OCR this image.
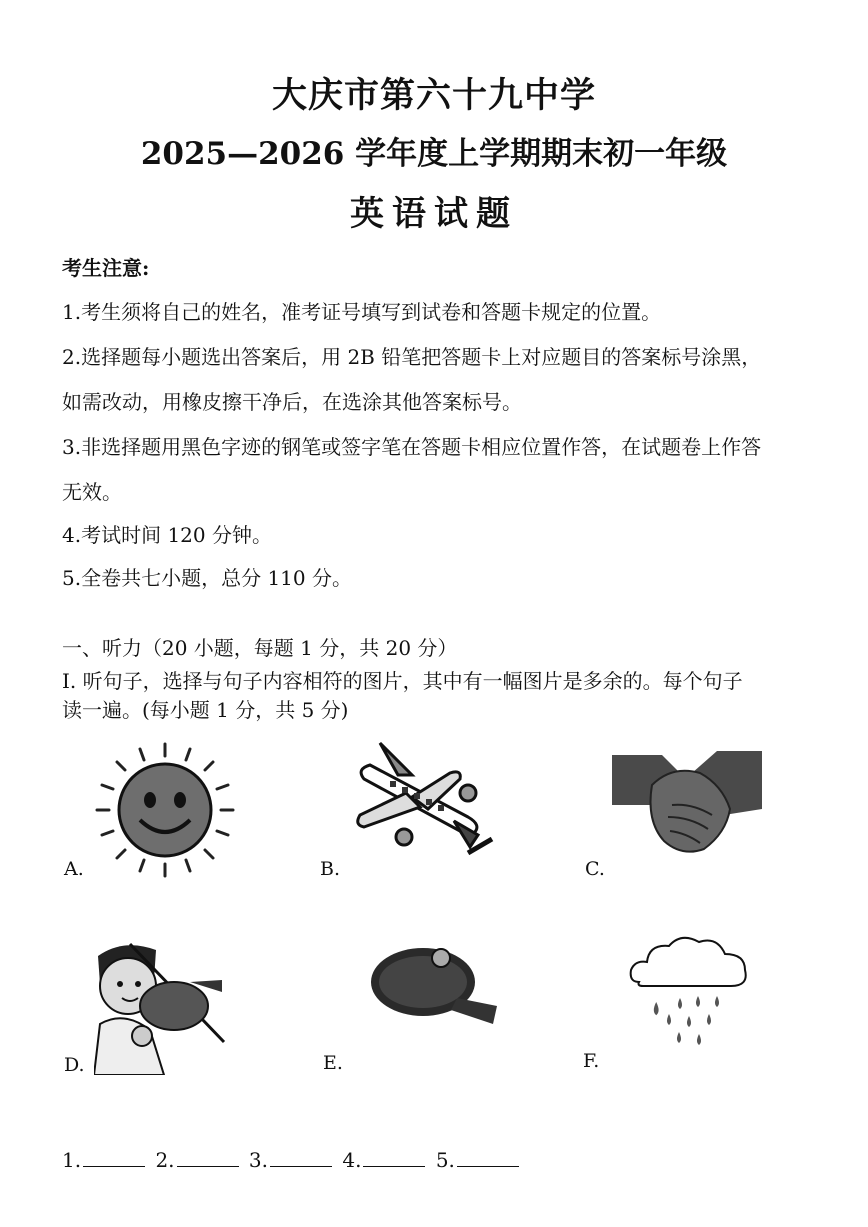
大庆市第六十九中学
2025—2026 学年度上学期期末初一年级
英语试题
考生注意:
1.考生须将自己的姓名，准考证号填写到试卷和答题卡规定的位置。
2.选择题每小题选出答案后，用 2B 铅笔把答题卡上对应题目的答案标号涂黑，
如需改动，用橡皮擦干净后，在选涂其他答案标号。
3.非选择题用黑色字迹的钢笔或签字笔在答题卡相应位置作答，在试题卷上作答
无效。
4.考试时间 120 分钟。
5.全卷共七小题，总分 110 分。
一、听力（20 小题，每题 1 分，共 20 分）
I. 听句子，选择与句子内容相符的图片，其中有一幅图片是多余的。每个句子
读一遍。(每小题 1 分，共 5 分)
A.	B.	C.
D.	E.	F.
1.	2.	3.	4.	5.
